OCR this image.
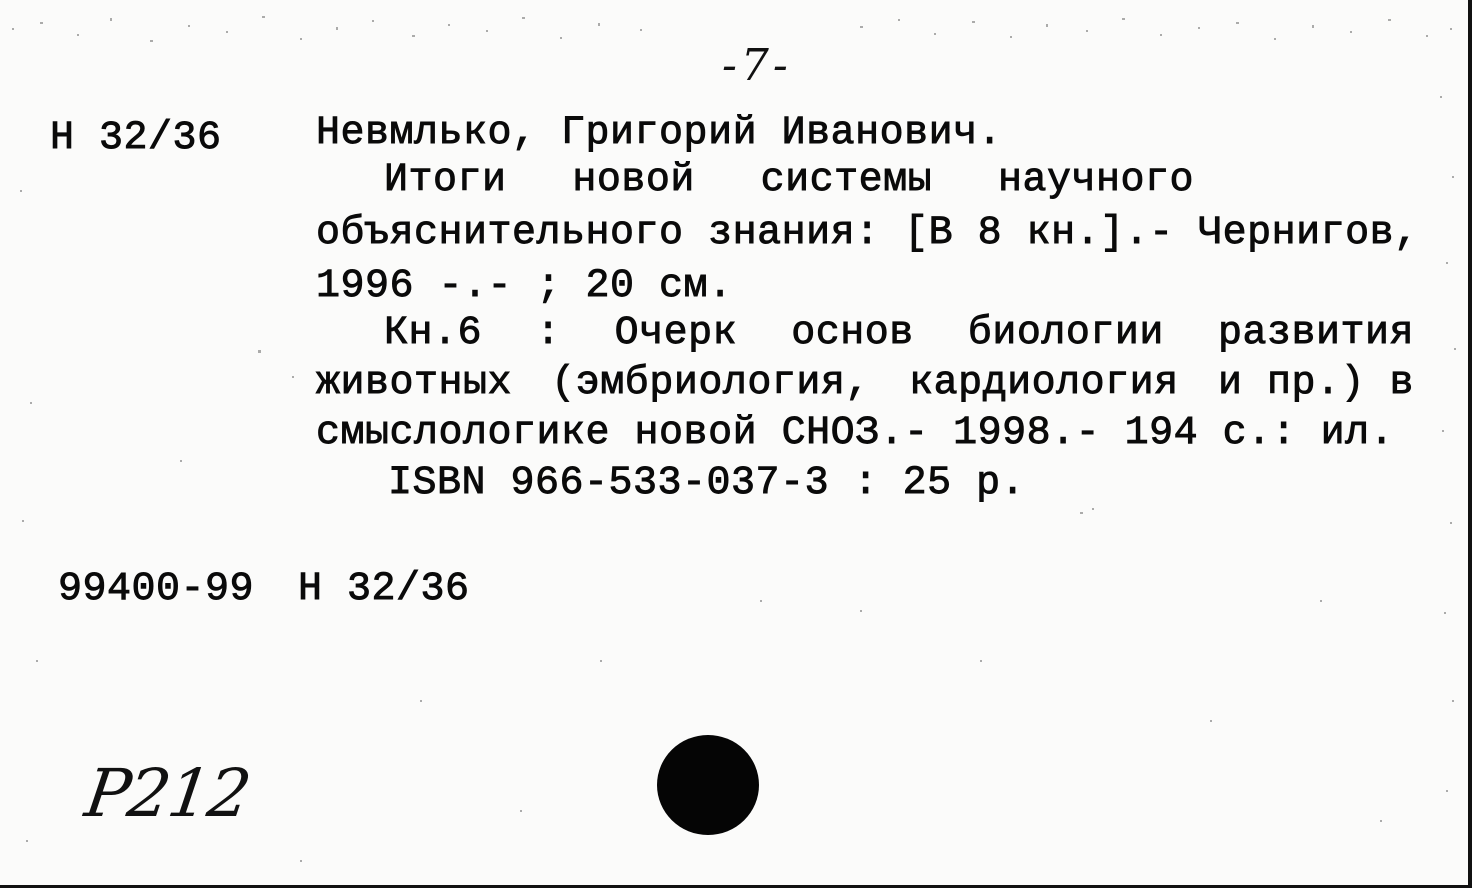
-7-
Н 32/36 Невмлько, Григорий Иванович.
Итоги новой системы научного
объяснительного знания: [В 8 кн.].- Чернигов,
1996 -.- ; 20 см.
Кн.6 : Очерк основ биологии развития
животных (эмбриология, кардиология и пр.) в
смыслологике новой СНОЗ.- 1998.- 194 с.: ил.
ISBN 966-533-037-3 : 25 р.
99400-99 Н 32/36
P212
